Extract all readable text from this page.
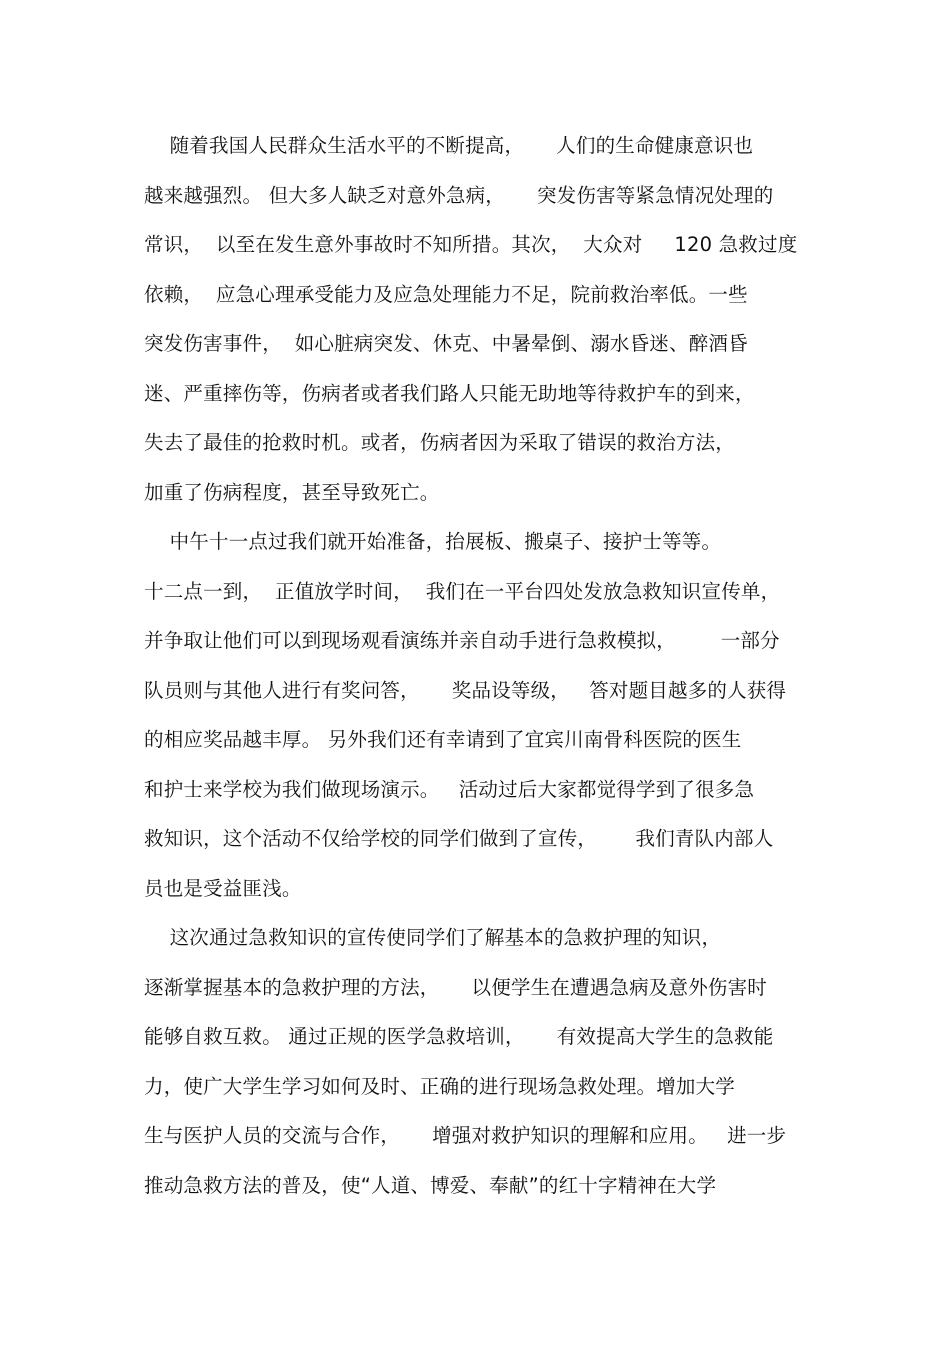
随着我国人民群众生活水平的不断提高，     人们的生命健康意识也
越来越强烈。 但大多人缺乏对意外急病，     突发伤害等紧急情况处理的
常识，  以至在发生意外事故时不知所措。其次，  大众对     120 急救过度
依赖，  应急心理承受能力及应急处理能力不足，院前救治率低。一些
突发伤害事件，  如心脏病突发、休克、中暑晕倒、溺水昏迷、醉酒昏
迷、严重摔伤等，伤病者或者我们路人只能无助地等待救护车的到来，
失去了最佳的抢救时机。或者，伤病者因为采取了错误的救治方法，
加重了伤病程度，甚至导致死亡。
中午十一点过我们就开始准备，抬展板、搬桌子、接护士等等。
十二点一到，  正值放学时间，  我们在一平台四处发放急救知识宣传单，
并争取让他们可以到现场观看演练并亲自动手进行急救模拟，       一部分
队员则与其他人进行有奖问答，     奖品设等级，   答对题目越多的人获得
的相应奖品越丰厚。 另外我们还有幸请到了宜宾川南骨科医院的医生
和护士来学校为我们做现场演示。   活动过后大家都觉得学到了很多急
救知识，这个活动不仅给学校的同学们做到了宣传，      我们青队内部人
员也是受益匪浅。
这次通过急救知识的宣传使同学们了解基本的急救护理的知识，
逐渐掌握基本的急救护理的方法，     以便学生在遭遇急病及意外伤害时
能够自救互救。 通过正规的医学急救培训，     有效提高大学生的急救能
力，使广大学生学习如何及时、正确的进行现场急救处理。增加大学
生与医护人员的交流与合作，     增强对救护知识的理解和应用。   进一步
推动急救方法的普及，使“人道、博爱、奉献”的红十字精神在大学
